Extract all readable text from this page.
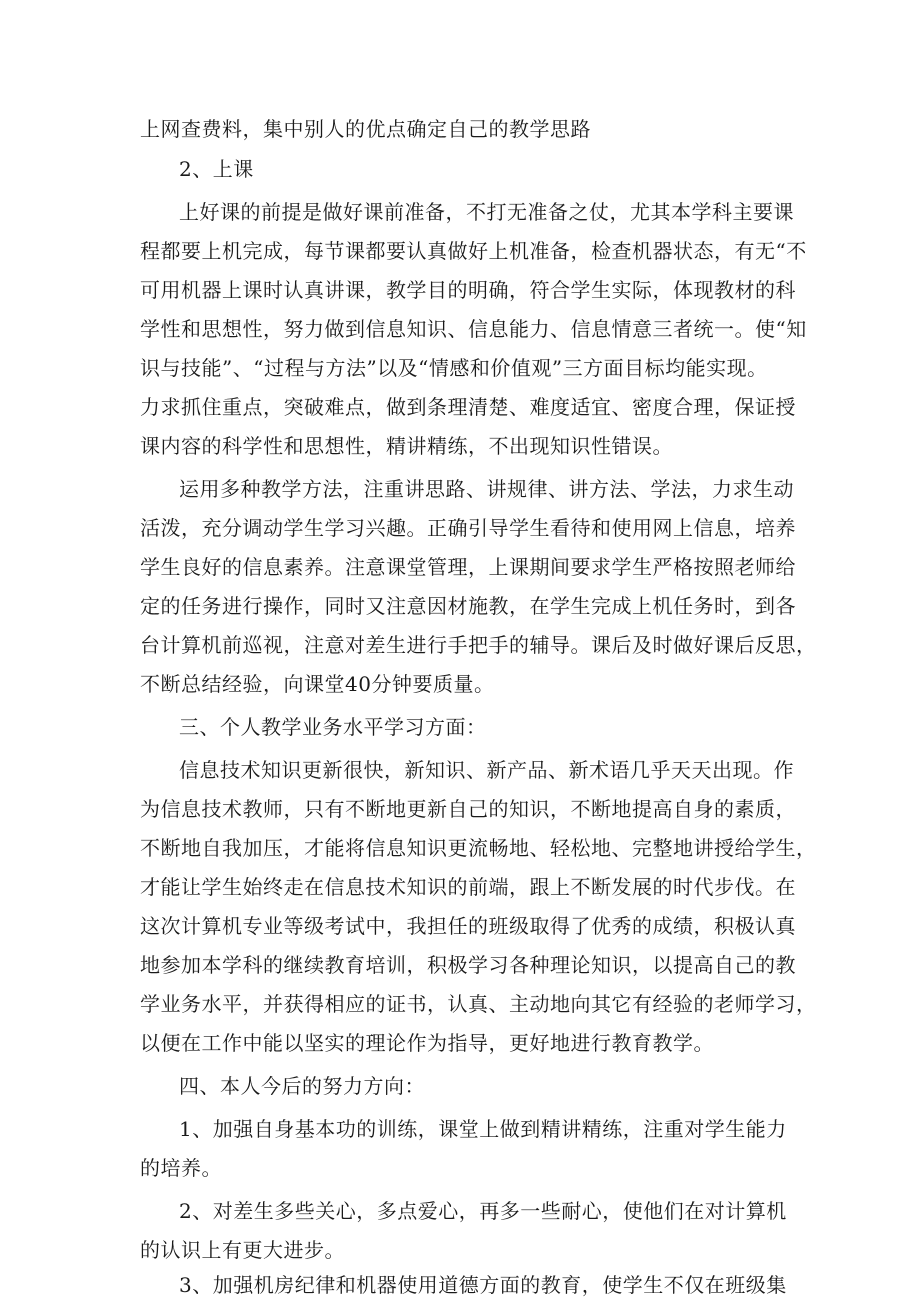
上网查费料，集中别人的优点确定自己的教学思路

2、上课

上好课的前提是做好课前准备，不打无准备之仗，尤其本学科主要课

程都要上机完成，每节课都要认真做好上机准备，检查机器状态，有无“不

可用机器上课时认真讲课，教学目的明确，符合学生实际，体现教材的科

学性和思想性，努力做到信息知识、信息能力、信息情意三者统一。使“知

识与技能”、“过程与方法”以及“情感和价值观”三方面目标均能实现。

力求抓住重点，突破难点，做到条理清楚、难度适宜、密度合理，保证授

课内容的科学性和思想性，精讲精练，不出现知识性错误。

运用多种教学方法，注重讲思路、讲规律、讲方法、学法，力求生动

活泼，充分调动学生学习兴趣。正确引导学生看待和使用网上信息，培养

学生良好的信息素养。注意课堂管理，上课期间要求学生严格按照老师给

定的任务进行操作，同时又注意因材施教，在学生完成上机任务时，到各

台计算机前巡视，注意对差生进行手把手的辅导。课后及时做好课后反思，

不断总结经验，向课堂40分钟要质量。

三、个人教学业务水平学习方面：

信息技术知识更新很快，新知识、新产品、新术语几乎天天出现。作

为信息技术教师，只有不断地更新自己的知识，不断地提高自身的素质，

不断地自我加压，才能将信息知识更流畅地、轻松地、完整地讲授给学生，

才能让学生始终走在信息技术知识的前端，跟上不断发展的时代步伐。在

这次计算机专业等级考试中，我担任的班级取得了优秀的成绩，积极认真

地参加本学科的继续教育培训，积极学习各种理论知识，以提高自己的教

学业务水平，并获得相应的证书，认真、主动地向其它有经验的老师学习，

以便在工作中能以坚实的理论作为指导，更好地进行教育教学。

四、本人今后的努力方向：

1、加强自身基本功的训练，课堂上做到精讲精练，注重对学生能力

的培养。

2、对差生多些关心，多点爱心，再多一些耐心，使他们在对计算机

的认识上有更大进步。

3、加强机房纪律和机器使用道德方面的教育，使学生不仅在班级集
